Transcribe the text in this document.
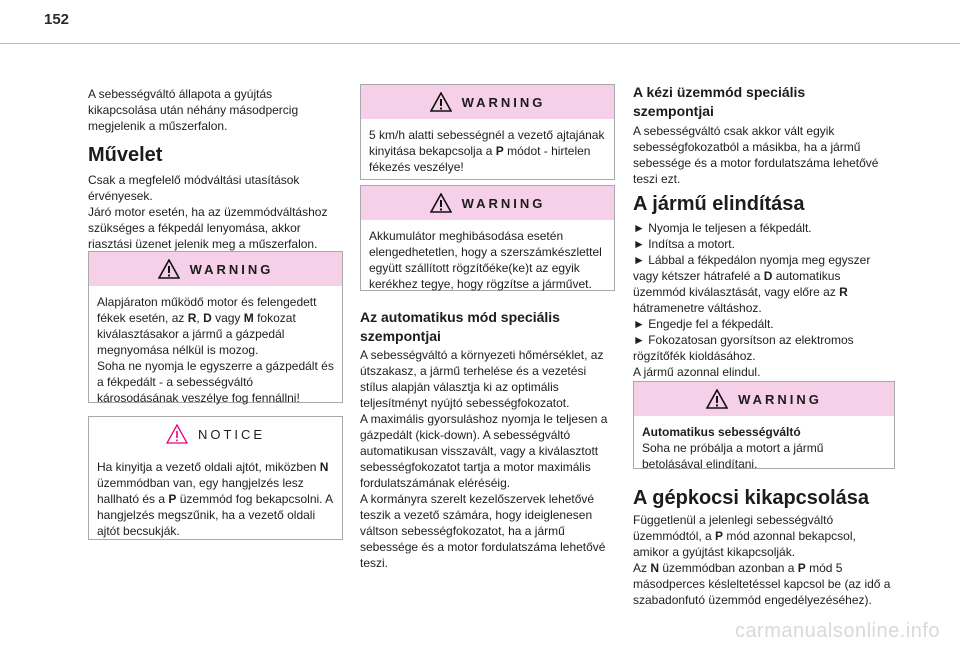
152

A sebességváltó állapota a gyújtás kikapcsolása után néhány másodpercig megjelenik a műszerfalon.

Művelet

Csak a megfelelő módváltási utasítások érvényesek.
Járó motor esetén, ha az üzemmódváltáshoz szükséges a fékpedál lenyomása, akkor riasztási üzenet jelenik meg a műszerfalon.

WARNING
Alapjáraton működő motor és felengedett fékek esetén, az R, D vagy M fokozat kiválasztásakor a jármű a gázpedál megnyomása nélkül is mozog.
Soha ne nyomja le egyszerre a gázpedált és a fékpedált - a sebességváltó károsodásának veszélye fog fennállni!
NOTICE
Ha kinyitja a vezető oldali ajtót, miközben N üzemmódban van, egy hangjelzés lesz hallható és a P üzemmód fog bekapcsolni. A hangjelzés megszűnik, ha a vezető oldali ajtót becsukják.
WARNING
5 km/h alatti sebességnél a vezető ajtajának kinyitása bekapcsolja a P módot - hirtelen fékezés veszélye!
WARNING
Akkumulátor meghibásodása esetén elengedhetetlen, hogy a szerszámkészlettel együtt szállított rögzítőéke(ke)t az egyik kerékhez tegye, hogy rögzítse a járművet.
Az automatikus mód speciális szempontjai

A sebességváltó a környezeti hőmérséklet, az útszakasz, a jármű terhelése és a vezetési stílus alapján választja ki az optimális teljesítményt nyújtó sebességfokozatot.
A maximális gyorsuláshoz nyomja le teljesen a gázpedált (kick-down). A sebességváltó automatikusan visszavált, vagy a kiválasztott sebességfokozatot tartja a motor maximális fordulatszámának eléréséig.
A kormányra szerelt kezelőszervek lehetővé teszik a vezető számára, hogy ideiglenesen váltson sebességfokozatot, ha a jármű sebessége és a motor fordulatszáma lehetővé teszi.

A kézi üzemmód speciális szempontjai

A sebességváltó csak akkor vált egyik sebességfokozatból a másikba, ha a jármű sebessége és a motor fordulatszáma lehetővé teszi ezt.

A jármű elindítása

► Nyomja le teljesen a fékpedált.
► Indítsa a motort.
► Lábbal a fékpedálon nyomja meg egyszer vagy kétszer hátrafelé a D automatikus üzemmód kiválasztását, vagy előre az R hátramenetre váltáshoz.
► Engedje fel a fékpedált.
► Fokozatosan gyorsítson az elektromos rögzítőfék kioldásához.
A jármű azonnal elindul.

WARNING
Automatikus sebességváltó
Soha ne próbálja a motort a jármű betolásával elindítani.
A gépkocsi kikapcsolása

Függetlenül a jelenlegi sebességváltó üzemmódtól, a P mód azonnal bekapcsol, amikor a gyújtást kikapcsolják.
Az N üzemmódban azonban a P mód 5 másodperces késleltetéssel kapcsol be (az idő a szabadonfutó üzemmód engedélyezéséhez).

carmanualsonline.info
